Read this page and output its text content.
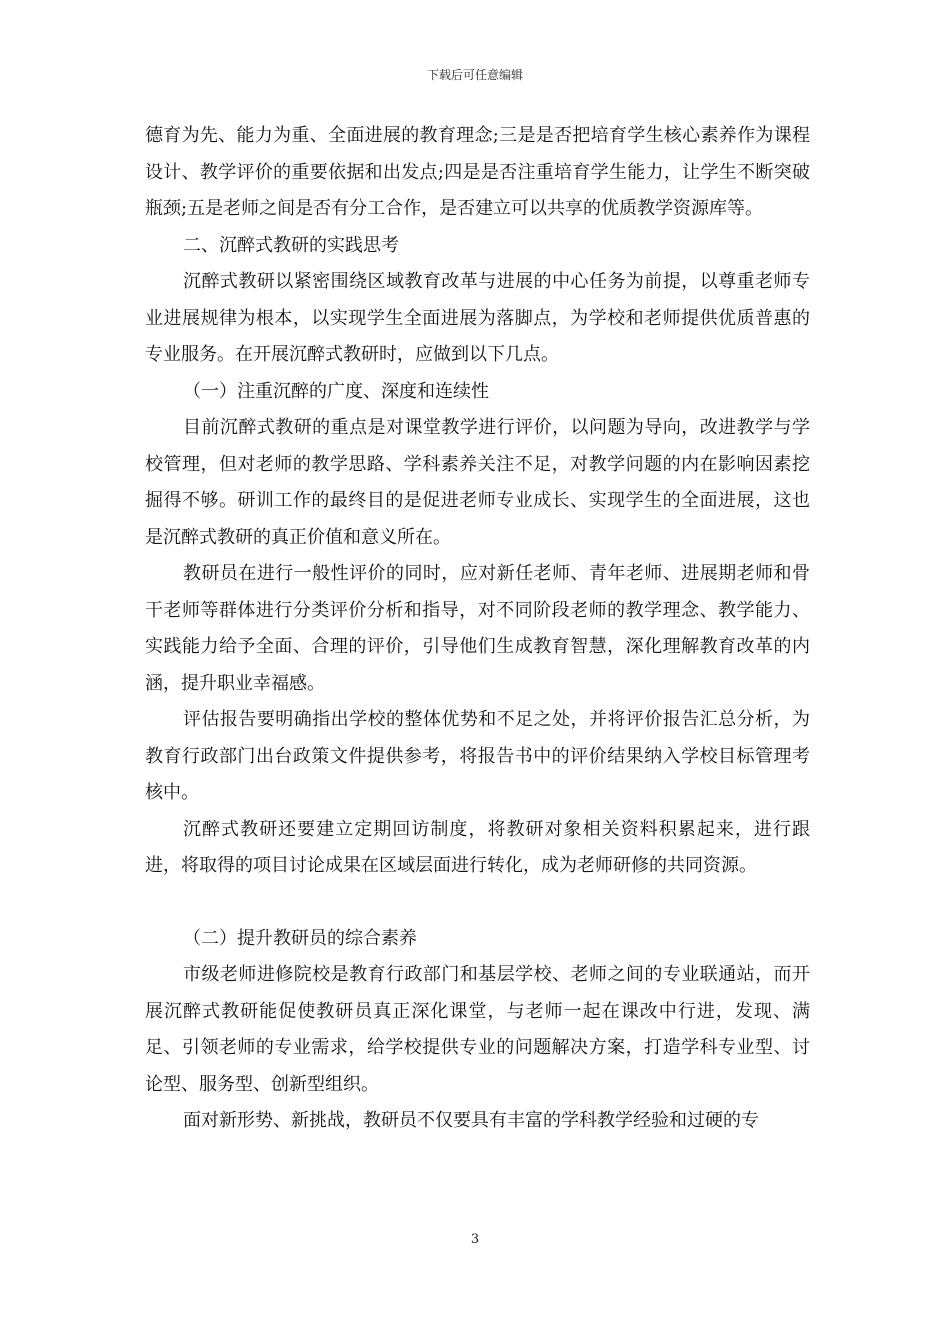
下载后可任意编辑

德育为先、能力为重、全面进展的教育理念;三是是否把培育学生核心素养作为课程设计、教学评价的重要依据和出发点;四是是否注重培育学生能力，让学生不断突破瓶颈;五是老师之间是否有分工合作，是否建立可以共享的优质教学资源库等。

二、沉醉式教研的实践思考

沉醉式教研以紧密围绕区域教育改革与进展的中心任务为前提，以尊重老师专业进展规律为根本，以实现学生全面进展为落脚点，为学校和老师提供优质普惠的专业服务。在开展沉醉式教研时，应做到以下几点。

（一）注重沉醉的广度、深度和连续性

目前沉醉式教研的重点是对课堂教学进行评价，以问题为导向，改进教学与学校管理，但对老师的教学思路、学科素养关注不足，对教学问题的内在影响因素挖掘得不够。研训工作的最终目的是促进老师专业成长、实现学生的全面进展，这也是沉醉式教研的真正价值和意义所在。

教研员在进行一般性评价的同时，应对新任老师、青年老师、进展期老师和骨干老师等群体进行分类评价分析和指导，对不同阶段老师的教学理念、教学能力、实践能力给予全面、合理的评价，引导他们生成教育智慧，深化理解教育改革的内涵，提升职业幸福感。

评估报告要明确指出学校的整体优势和不足之处，并将评价报告汇总分析，为教育行政部门出台政策文件提供参考，将报告书中的评价结果纳入学校目标管理考核中。

沉醉式教研还要建立定期回访制度，将教研对象相关资料积累起来，进行跟进，将取得的项目讨论成果在区域层面进行转化，成为老师研修的共同资源。

（二）提升教研员的综合素养

市级老师进修院校是教育行政部门和基层学校、老师之间的专业联通站，而开展沉醉式教研能促使教研员真正深化课堂，与老师一起在课改中行进，发现、满足、引领老师的专业需求，给学校提供专业的问题解决方案，打造学科专业型、讨论型、服务型、创新型组织。

面对新形势、新挑战，教研员不仅要具有丰富的学科教学经验和过硬的专

3
